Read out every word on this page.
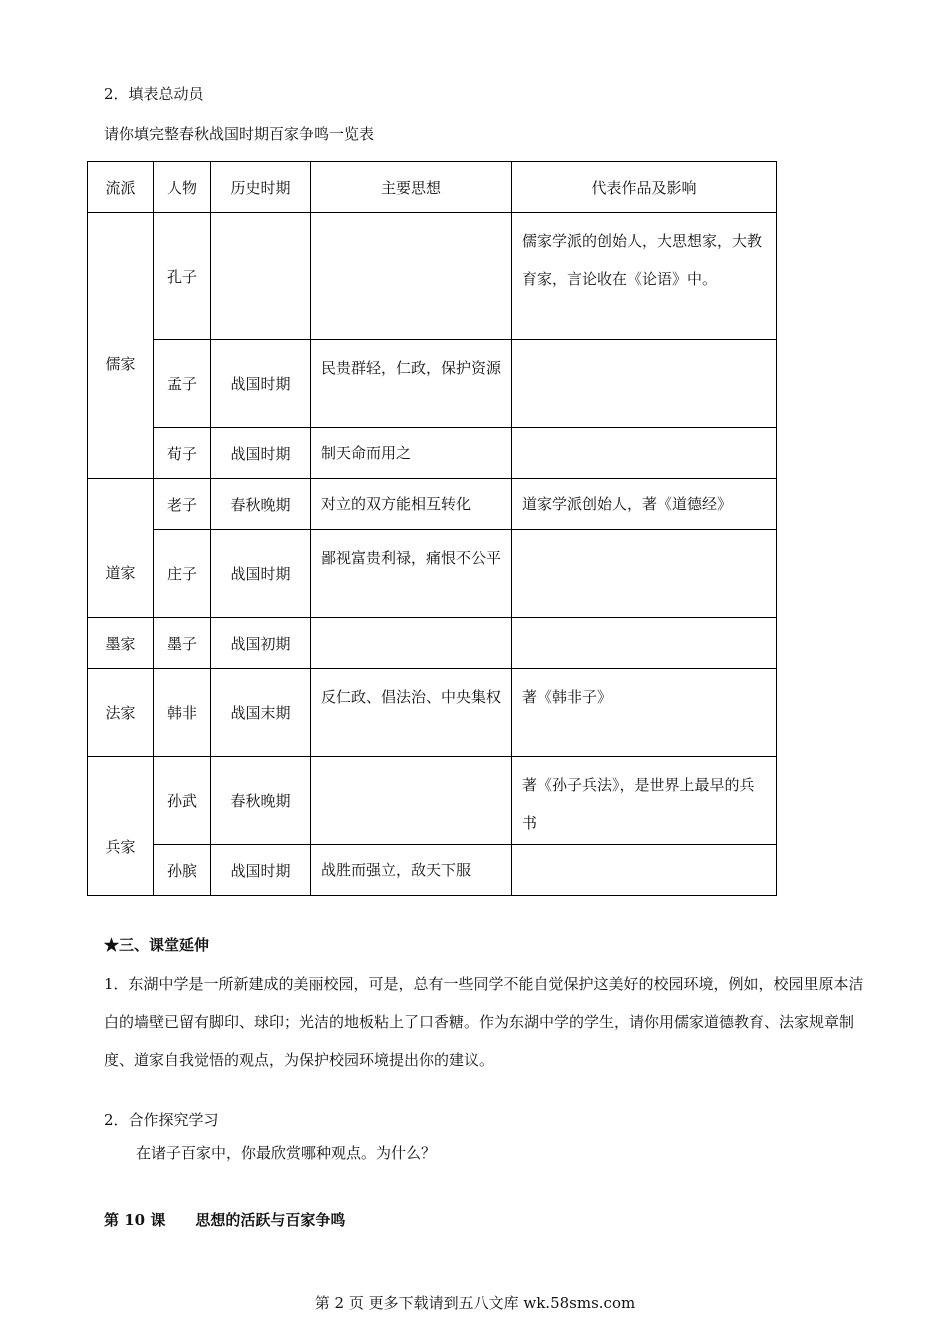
2．填表总动员
请你填完整春秋战国时期百家争鸣一览表
流派	人物	历史时期	主要思想	代表作品及影响
儒家	孔子			儒家学派的创始人，大思想家，大教育家，言论收在《论语》中。
	孟子	战国时期	民贵群轻，仁政，保护资源	
	荀子	战国时期	制天命而用之	
道家	老子	春秋晚期	对立的双方能相互转化	道家学派创始人，著《道德经》
	庄子	战国时期	鄙视富贵利禄，痛恨不公平	
墨家	墨子	战国初期		
法家	韩非	战国末期	反仁政、倡法治、中央集权	著《韩非子》
兵家	孙武	春秋晚期		著《孙子兵法》，是世界上最早的兵书
	孙膑	战国时期	战胜而强立，敌天下服	
★三、课堂延伸
1．东湖中学是一所新建成的美丽校园，可是，总有一些同学不能自觉保护这美好的校园环境，例如，校园里原本洁白的墙壁已留有脚印、球印；光洁的地板粘上了口香糖。作为东湖中学的学生，请你用儒家道德教育、法家规章制度、道家自我觉悟的观点，为保护校园环境提出你的建议。
2．合作探究学习
在诸子百家中，你最欣赏哪种观点。为什么？
第 10 课　　思想的活跃与百家争鸣
第 2 页 更多下载请到五八文库 wk.58sms.com
